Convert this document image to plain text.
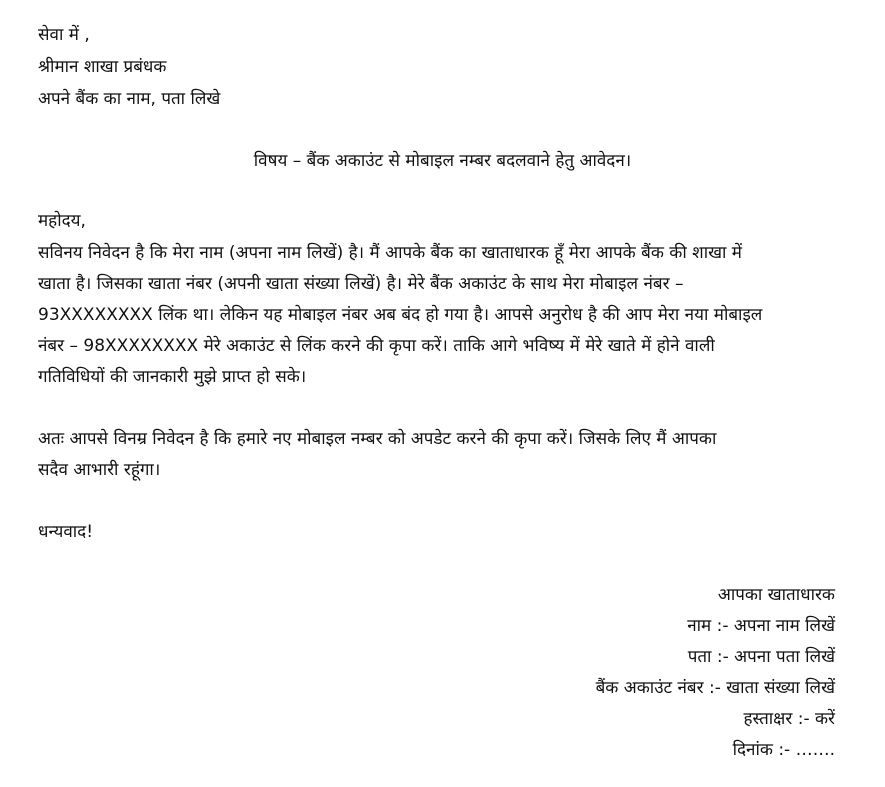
सेवा में ,
श्रीमान शाखा प्रबंधक
अपने बैंक का नाम, पता लिखे
विषय – बैंक अकाउंट से मोबाइल नम्बर बदलवाने हेतु आवेदन।
महोदय,
सविनय निवेदन है कि मेरा नाम (अपना नाम लिखें) है। मैं आपके बैंक का खाताधारक हूँ मेरा आपके बैंक की शाखा में
खाता है। जिसका खाता नंबर (अपनी खाता संख्या लिखें) है। मेरे बैंक अकाउंट के साथ मेरा मोबाइल नंबर –
93XXXXXXXX लिंक था। लेकिन यह मोबाइल नंबर अब बंद हो गया है। आपसे अनुरोध है की आप मेरा नया मोबाइल
नंबर – 98XXXXXXXX मेरे अकाउंट से लिंक करने की कृपा करें। ताकि आगे भविष्य में मेरे खाते में होने वाली
गतिविधियों की जानकारी मुझे प्राप्त हो सके।
अतः आपसे विनम्र निवेदन है कि हमारे नए मोबाइल नम्बर को अपडेट करने की कृपा करें। जिसके लिए मैं आपका
सदैव आभारी रहूंगा।
धन्यवाद!
आपका खाताधारक
नाम :- अपना नाम लिखें
पता :- अपना पता लिखें
बैंक अकाउंट नंबर :- खाता संख्या लिखें
हस्ताक्षर :- करें
दिनांक :- …….
